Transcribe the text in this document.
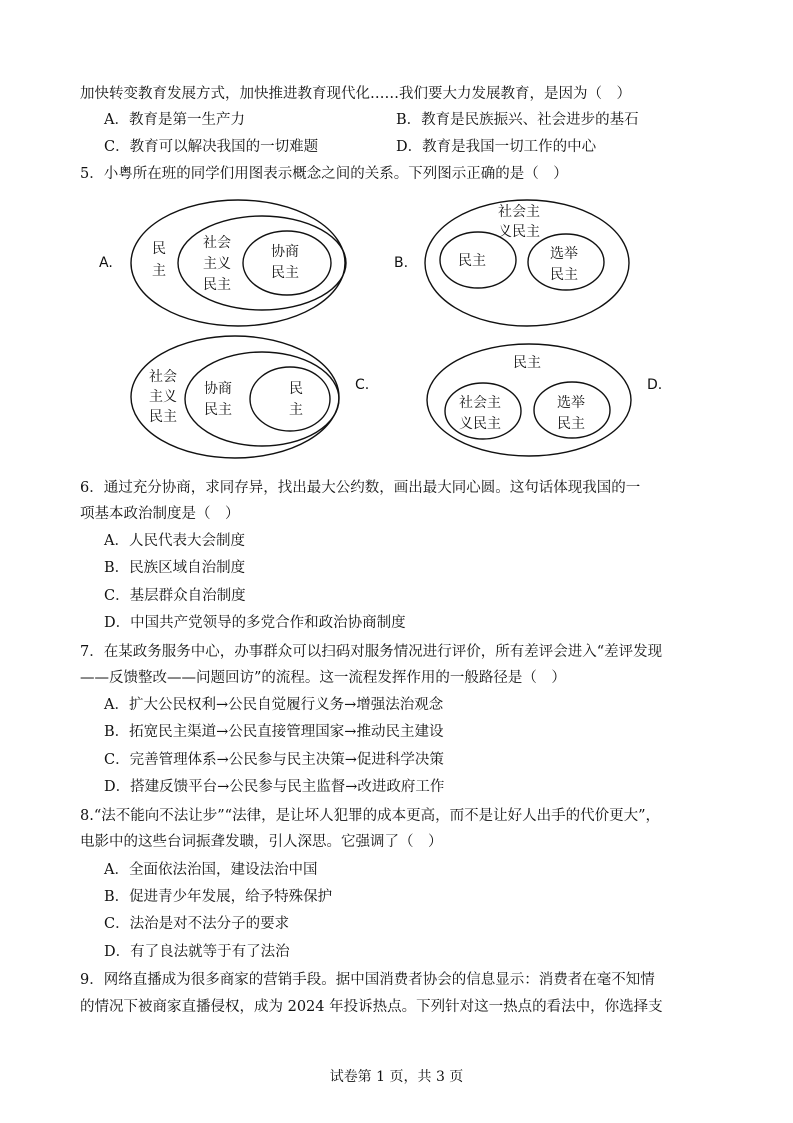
加快转变教育发展方式，加快推进教育现代化……我们要大力发展教育，是因为（　）
A．教育是第一生产力	B．教育是民族振兴、社会进步的基石
C．教育可以解决我国的一切难题	D．教育是我国一切工作的中心
5．小粤所在班的同学们用图表示概念之间的关系。下列图示正确的是（　）
A.
民
主
社会
主义
民主
协商
民主
B.
社会主
义民主
民主	选举
民主
社会
主义
民主
协商
民主
民
主
C.
民主
社会主
义民主
选举
民主
D.
6．通过充分协商，求同存异，找出最大公约数，画出最大同心圆。这句话体现我国的一
项基本政治制度是（　）
A．人民代表大会制度
B．民族区域自治制度
C．基层群众自治制度
D．中国共产党领导的多党合作和政治协商制度
7．在某政务服务中心，办事群众可以扫码对服务情况进行评价，所有差评会进入“差评发现
——反馈整改——问题回访”的流程。这一流程发挥作用的一般路径是（　）
A．扩大公民权利→公民自觉履行义务→增强法治观念
B．拓宽民主渠道→公民直接管理国家→推动民主建设
C．完善管理体系→公民参与民主决策→促进科学决策
D．搭建反馈平台→公民参与民主监督→改进政府工作
8.“法不能向不法让步”“法律，是让坏人犯罪的成本更高，而不是让好人出手的代价更大”，
电影中的这些台词振聋发聩，引人深思。它强调了（　）
A．全面依法治国，建设法治中国
B．促进青少年发展，给予特殊保护
C．法治是对不法分子的要求
D．有了良法就等于有了法治
9．网络直播成为很多商家的营销手段。据中国消费者协会的信息显示：消费者在毫不知情
的情况下被商家直播侵权，成为 2024 年投诉热点。下列针对这一热点的看法中，你选择支
试卷第 1 页，共 3 页
